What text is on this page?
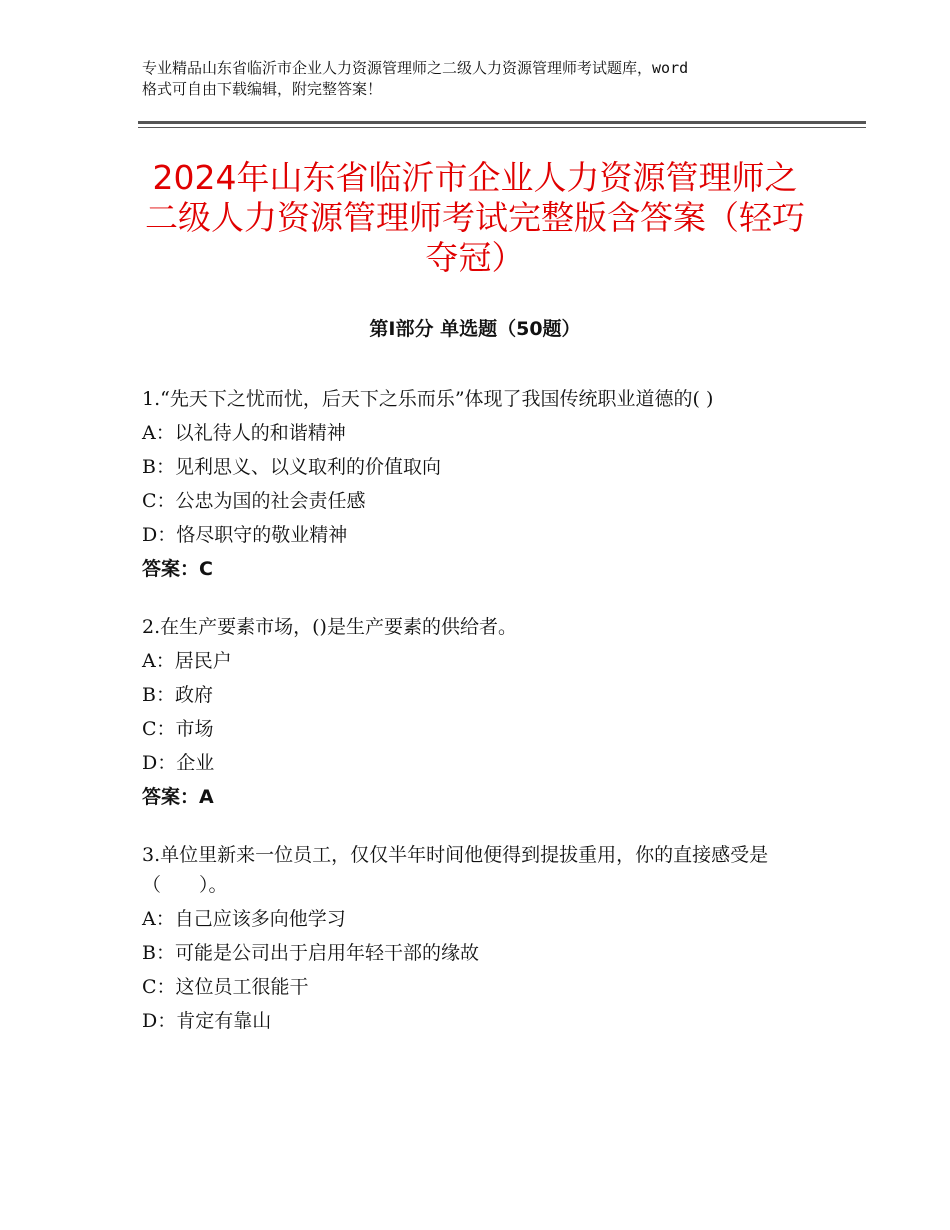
专业精品山东省临沂市企业人力资源管理师之二级人力资源管理师考试题库，word
格式可自由下载编辑，附完整答案！
2024年山东省临沂市企业人力资源管理师之二级人力资源管理师考试完整版含答案（轻巧夺冠）
第Ⅰ部分 单选题（50题）
1.“先天下之忧而忧，后天下之乐而乐”体现了我国传统职业道德的( )
A：以礼待人的和谐精神
B：见利思义、以义取利的价值取向
C：公忠为国的社会责任感
D：恪尽职守的敬业精神
答案：C
2.在生产要素市场，()是生产要素的供给者。
A：居民户
B：政府
C：市场
D：企业
答案：A
3.单位里新来一位员工，仅仅半年时间他便得到提拔重用，你的直接感受是（　　）。
A：自己应该多向他学习
B：可能是公司出于启用年轻干部的缘故
C：这位员工很能干
D：肯定有靠山
